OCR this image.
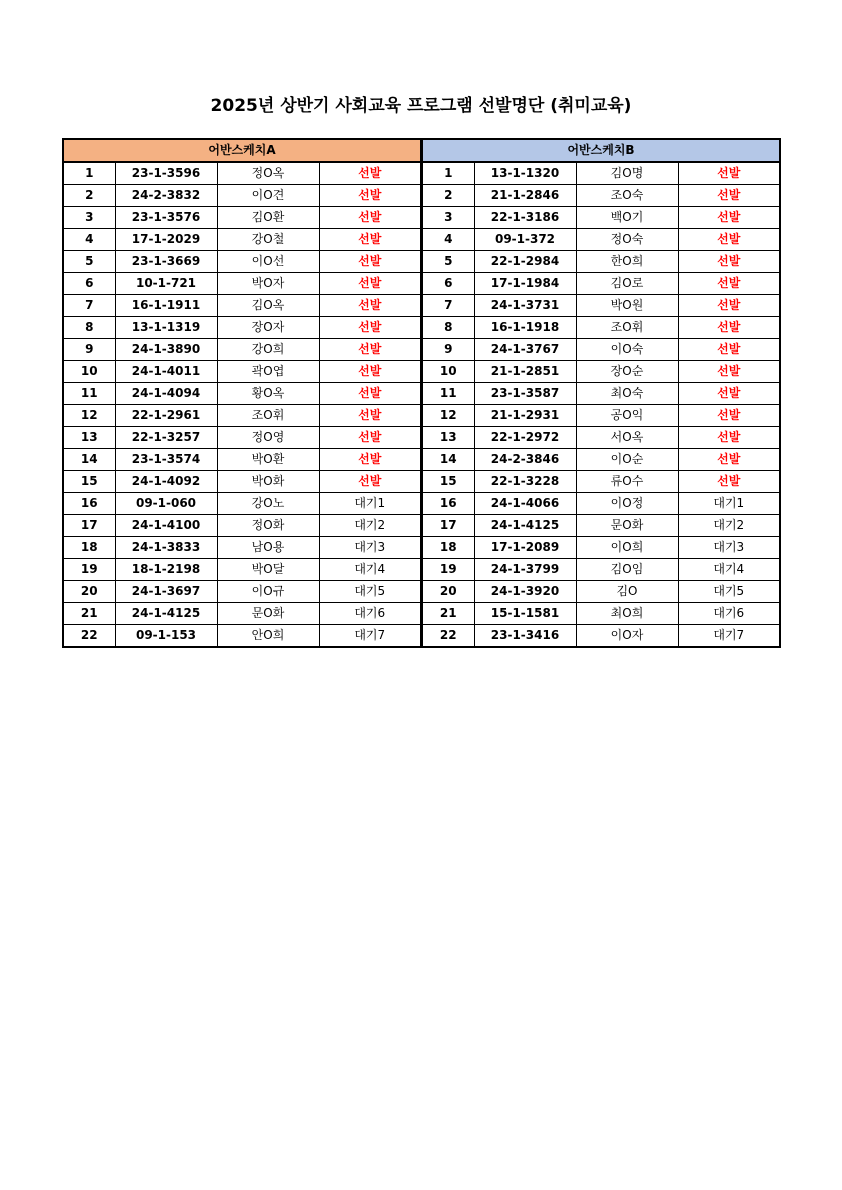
2025년 상반기 사회교육 프로그램 선발명단 (취미교육)
어반스케치A			
1	23-1-3596	정O옥	선발
2	24-2-3832	이O견	선발
3	23-1-3576	김O환	선발
4	17-1-2029	강O철	선발
5	23-1-3669	이O선	선발
6	10-1-721	박O자	선발
7	16-1-1911	김O옥	선발
8	13-1-1319	장O자	선발
9	24-1-3890	강O희	선발
10	24-1-4011	곽O엽	선발
11	24-1-4094	황O옥	선발
12	22-1-2961	조O휘	선발
13	22-1-3257	정O영	선발
14	23-1-3574	박O환	선발
15	24-1-4092	박O화	선발
16	09-1-060	강O노	대기1
17	24-1-4100	정O화	대기2
18	24-1-3833	남O용	대기3
19	18-1-2198	박O달	대기4
20	24-1-3697	이O규	대기5
21	24-1-4125	문O화	대기6
22	09-1-153	안O희	대기7
어반스케치B			
1	13-1-1320	김O명	선발
2	21-1-2846	조O숙	선발
3	22-1-3186	백O기	선발
4	09-1-372	정O숙	선발
5	22-1-2984	한O희	선발
6	17-1-1984	김O로	선발
7	24-1-3731	박O원	선발
8	16-1-1918	조O휘	선발
9	24-1-3767	이O숙	선발
10	21-1-2851	장O순	선발
11	23-1-3587	최O숙	선발
12	21-1-2931	공O익	선발
13	22-1-2972	서O옥	선발
14	24-2-3846	이O순	선발
15	22-1-3228	류O수	선발
16	24-1-4066	이O정	대기1
17	24-1-4125	문O화	대기2
18	17-1-2089	이O희	대기3
19	24-1-3799	김O임	대기4
20	24-1-3920	김O	대기5
21	15-1-1581	최O희	대기6
22	23-1-3416	이O자	대기7
